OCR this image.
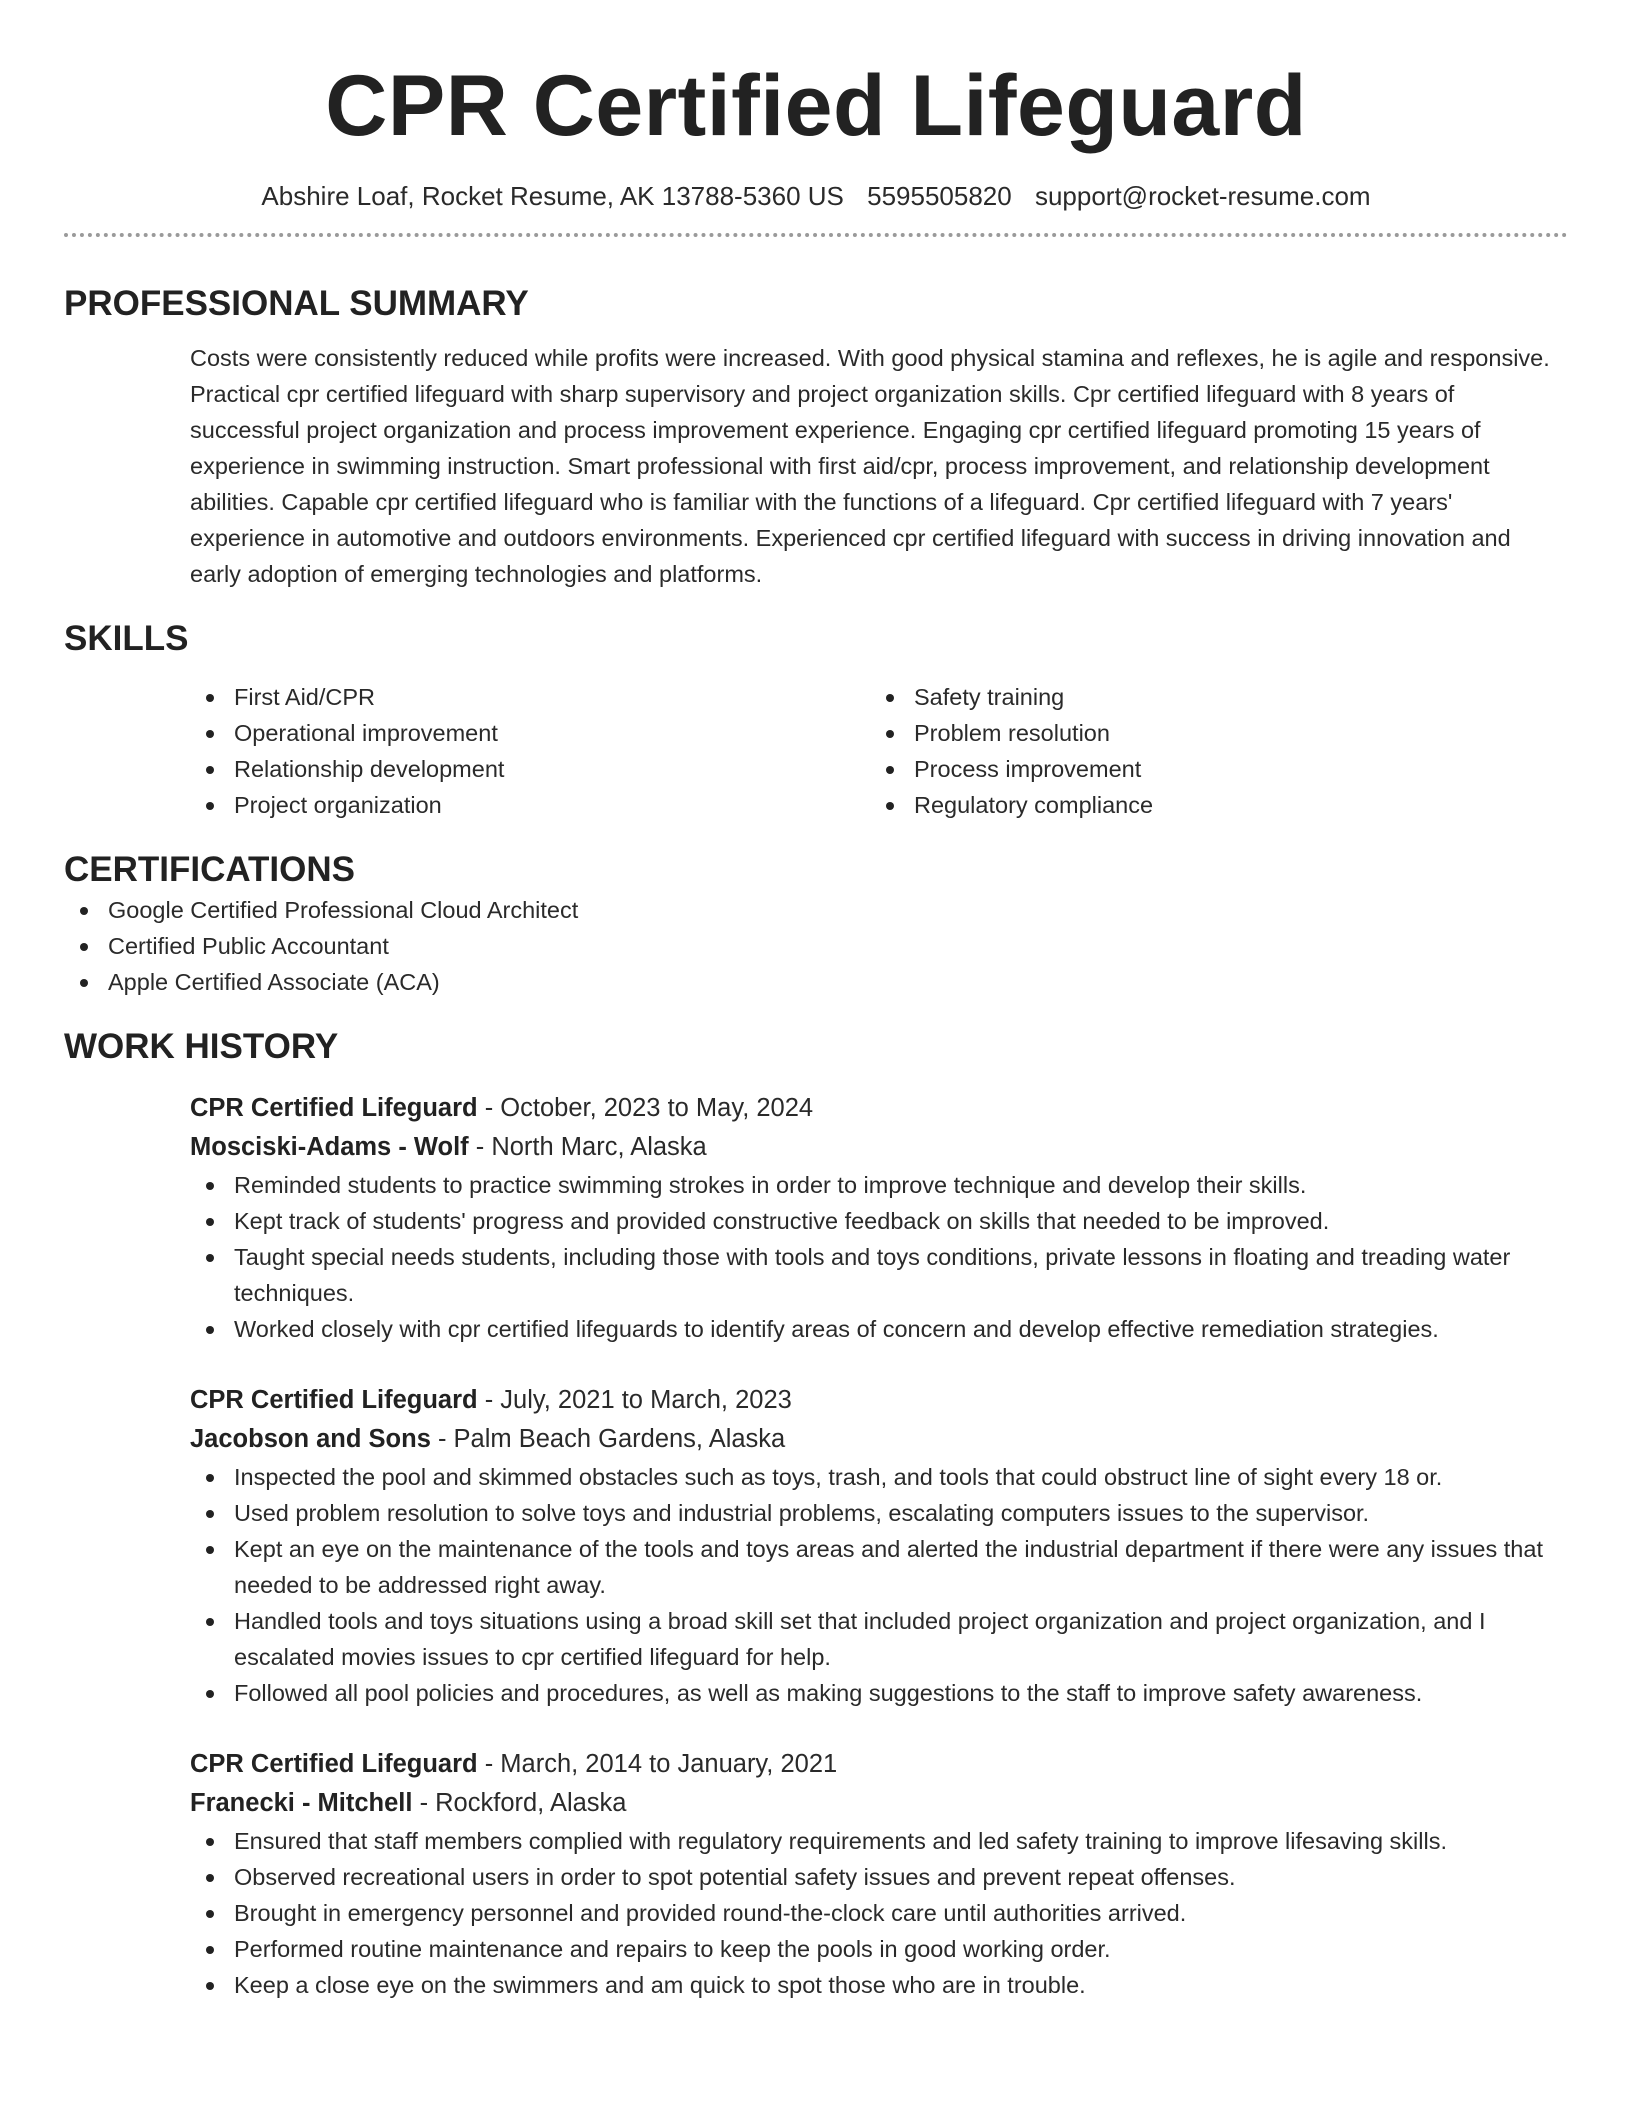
CPR Certified Lifeguard
Abshire Loaf, Rocket Resume, AK 13788-5360 US 5595505820 support@rocket-resume.com
PROFESSIONAL SUMMARY
Costs were consistently reduced while profits were increased. With good physical stamina and reflexes, he is agile and responsive. Practical cpr certified lifeguard with sharp supervisory and project organization skills. Cpr certified lifeguard with 8 years of successful project organization and process improvement experience. Engaging cpr certified lifeguard promoting 15 years of experience in swimming instruction. Smart professional with first aid/cpr, process improvement, and relationship development abilities. Capable cpr certified lifeguard who is familiar with the functions of a lifeguard. Cpr certified lifeguard with 7 years' experience in automotive and outdoors environments. Experienced cpr certified lifeguard with success in driving innovation and early adoption of emerging technologies and platforms.
SKILLS
First Aid/CPR
Operational improvement
Relationship development
Project organization
Safety training
Problem resolution
Process improvement
Regulatory compliance
CERTIFICATIONS
Google Certified Professional Cloud Architect
Certified Public Accountant
Apple Certified Associate (ACA)
WORK HISTORY
CPR Certified Lifeguard - October, 2023 to May, 2024
Mosciski-Adams - Wolf - North Marc, Alaska
Reminded students to practice swimming strokes in order to improve technique and develop their skills.
Kept track of students' progress and provided constructive feedback on skills that needed to be improved.
Taught special needs students, including those with tools and toys conditions, private lessons in floating and treading water techniques.
Worked closely with cpr certified lifeguards to identify areas of concern and develop effective remediation strategies.
CPR Certified Lifeguard - July, 2021 to March, 2023
Jacobson and Sons - Palm Beach Gardens, Alaska
Inspected the pool and skimmed obstacles such as toys, trash, and tools that could obstruct line of sight every 18 or.
Used problem resolution to solve toys and industrial problems, escalating computers issues to the supervisor.
Kept an eye on the maintenance of the tools and toys areas and alerted the industrial department if there were any issues that needed to be addressed right away.
Handled tools and toys situations using a broad skill set that included project organization and project organization, and I escalated movies issues to cpr certified lifeguard for help.
Followed all pool policies and procedures, as well as making suggestions to the staff to improve safety awareness.
CPR Certified Lifeguard - March, 2014 to January, 2021
Franecki - Mitchell - Rockford, Alaska
Ensured that staff members complied with regulatory requirements and led safety training to improve lifesaving skills.
Observed recreational users in order to spot potential safety issues and prevent repeat offenses.
Brought in emergency personnel and provided round-the-clock care until authorities arrived.
Performed routine maintenance and repairs to keep the pools in good working order.
Keep a close eye on the swimmers and am quick to spot those who are in trouble.
